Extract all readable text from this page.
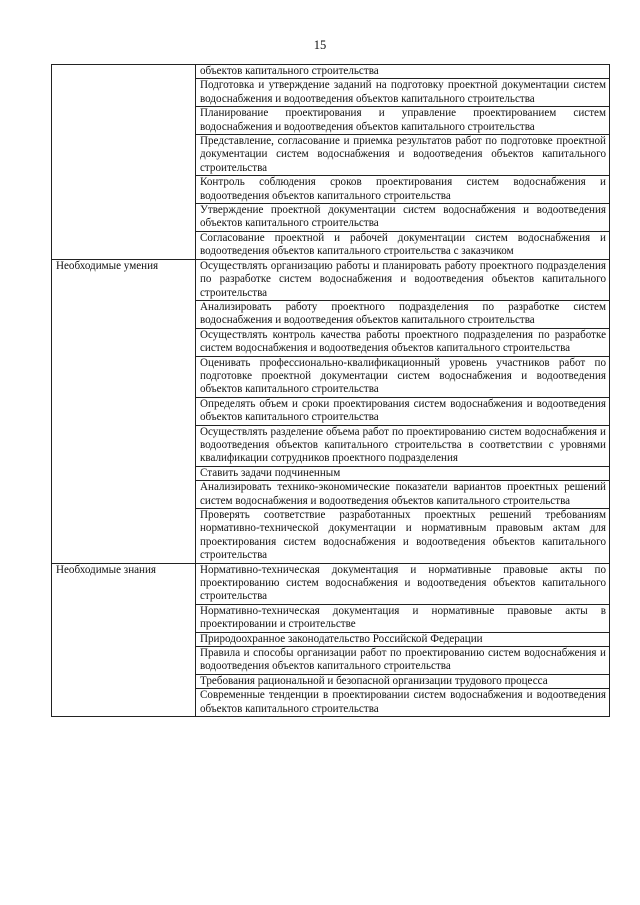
15
	объектов капитального строительства
	Подготовка и утверждение заданий на подготовку проектной документации систем водоснабжения и водоотведения объектов капитального строительства
	Планирование проектирования и управление проектированием систем водоснабжения и водоотведения объектов капитального строительства
	Представление, согласование и приемка результатов работ по подготовке проектной документации систем водоснабжения и водоотведения объектов капитального строительства
	Контроль соблюдения сроков проектирования систем водоснабжения и водоотведения объектов капитального строительства
	Утверждение проектной документации систем водоснабжения и водоотведения объектов капитального строительства
	Согласование проектной и рабочей документации систем водоснабжения и водоотведения объектов капитального строительства с заказчиком
Необходимые умения	Осуществлять организацию работы и планировать работу проектного подразделения по разработке систем водоснабжения и водоотведения объектов капитального строительства
	Анализировать работу проектного подразделения по разработке систем водоснабжения и водоотведения объектов капитального строительства
	Осуществлять контроль качества работы проектного подразделения по разработке систем водоснабжения и водоотведения объектов капитального строительства
	Оценивать профессионально-квалификационный уровень участников работ по подготовке проектной документации систем водоснабжения и водоотведения объектов капитального строительства
	Определять объем и сроки проектирования систем водоснабжения и водоотведения объектов капитального строительства
	Осуществлять разделение объема работ по проектированию систем водоснабжения и водоотведения объектов капитального строительства в соответствии с уровнями квалификации сотрудников проектного подразделения
	Ставить задачи подчиненным
	Анализировать технико-экономические показатели вариантов проектных решений систем водоснабжения и водоотведения объектов капитального строительства
	Проверять соответствие разработанных проектных решений требованиям нормативно-технической документации и нормативным правовым актам для проектирования систем водоснабжения и водоотведения объектов капитального строительства
Необходимые знания	Нормативно-техническая документация и нормативные правовые акты по проектированию систем водоснабжения и водоотведения объектов капитального строительства
	Нормативно-техническая документация и нормативные правовые акты в проектировании и строительстве
	Природоохранное законодательство Российской Федерации
	Правила и способы организации работ по проектированию систем водоснабжения и водоотведения объектов капитального строительства
	Требования рациональной и безопасной организации трудового процесса
	Современные тенденции в проектировании систем водоснабжения и водоотведения объектов капитального строительства
